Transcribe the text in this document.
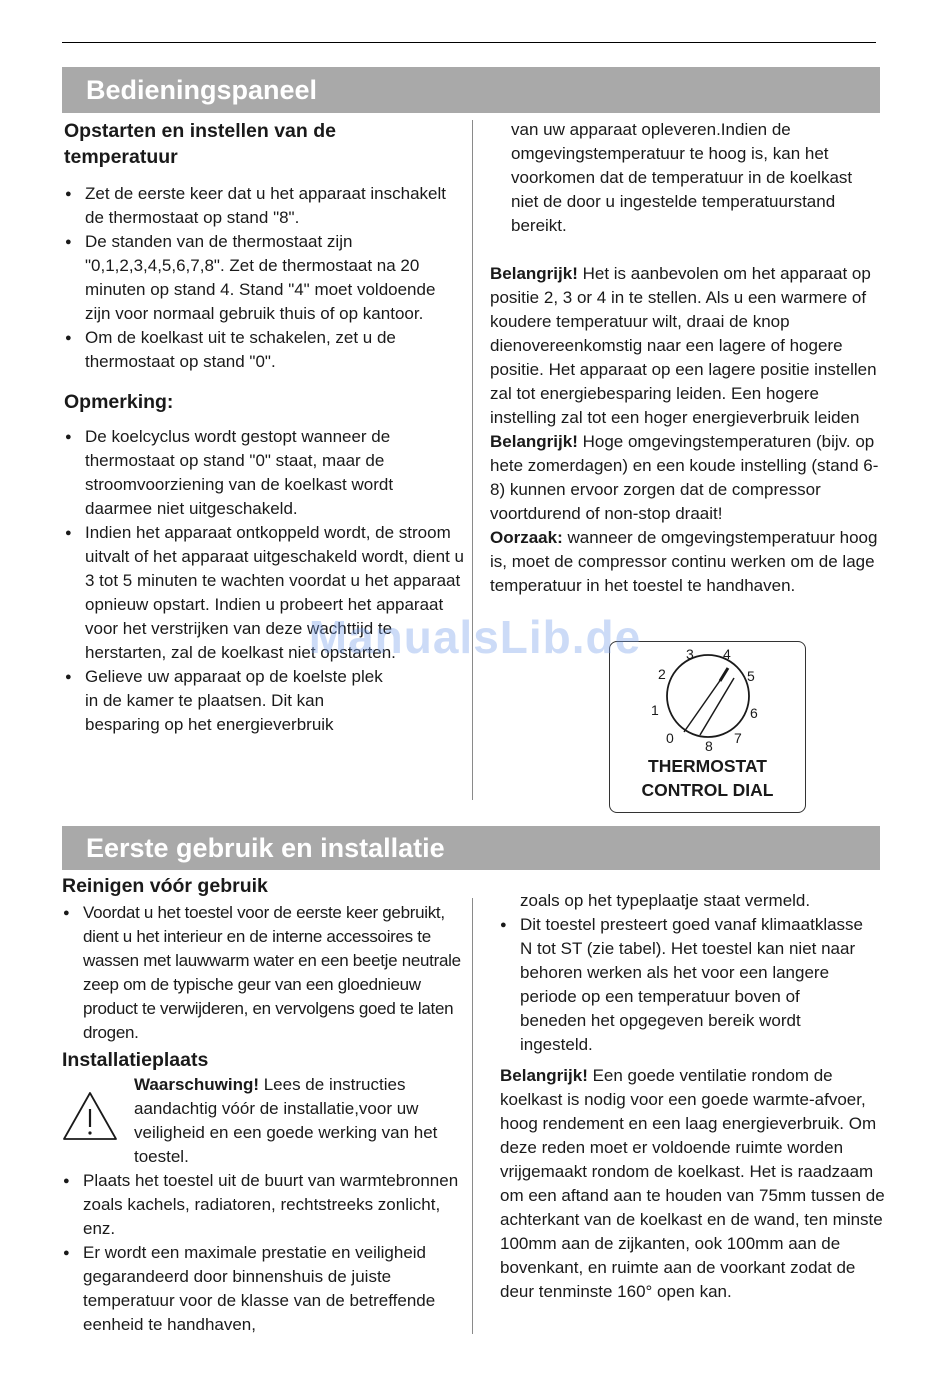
Bedieningspaneel
Opstarten en instellen van de temperatuur
● Zet de eerste keer dat u het apparaat inschakelt de thermostaat op stand "8".
● De standen van de thermostaat zijn "0,1,2,3,4,5,6,7,8". Zet de thermostaat na 20 minuten op stand 4. Stand "4" moet voldoende zijn voor normaal gebruik thuis of op kantoor.
● Om de koelkast uit te schakelen, zet u de thermostaat op stand "0".
Opmerking:
● De koelcyclus wordt gestopt wanneer de thermostaat op stand "0" staat, maar de stroomvoorziening van de koelkast wordt daarmee niet uitgeschakeld.
● Indien het apparaat ontkoppeld wordt, de stroom uitvalt of het apparaat uitgeschakeld wordt, dient u 3 tot 5 minuten te wachten voordat u het apparaat opnieuw opstart. Indien u probeert het apparaat voor het verstrijken van deze wachttijd te herstarten, zal de koelkast niet opstarten.
● Gelieve uw apparaat op de koelste plek in de kamer te plaatsen. Dit kan besparing op het energieverbruik
van uw apparaat opleveren.Indien de omgevingstemperatuur te hoog is, kan het voorkomen dat de temperatuur in de koelkast niet de door u ingestelde temperatuurstand bereikt.

Belangrijk! Het is aanbevolen om het apparaat op positie 2, 3 or 4 in te stellen. Als u een warmere of koudere temperatuur wilt, draai de knop dienovereenkomstig naar een lagere of hogere positie. Het apparaat op een lagere positie instellen zal tot energiebesparing leiden. Een hogere instelling zal tot een hoger energieverbruik leiden

Belangrijk! Hoge omgevingstemperaturen (bijv. op hete zomerdagen) en een koude instelling (stand 6-8) kunnen ervoor zorgen dat de compressor voortdurend of non-stop draait!

Oorzaak: wanneer de omgevingstemperatuur hoog is, moet de compressor continu werken om de lage temperatuur in het toestel te handhaven.

0
1
2
3 4
5
6
7
8
THERMOSTAT
CONTROL DIAL
ManualsLib.de
Eerste gebruik en installatie
Reinigen vóór gebruik
● Voordat u het toestel voor de eerste keer gebruikt, dient u het interieur en de interne accessoires te wassen met lauwwarm water en een beetje neutrale zeep om de typische geur van een gloednieuw product te verwijderen, en vervolgens goed te laten drogen.
Installatieplaats

Waarschuwing! Lees de instructies aandachtig vóór de installatie,voor uw veiligheid en een goede werking van het toestel.

● Plaats het toestel uit de buurt van warmtebronnen zoals kachels, radiatoren, rechtstreeks zonlicht, enz.
● Er wordt een maximale prestatie en veiligheid gegarandeerd door binnenshuis de juiste temperatuur voor de klasse van de betreffende eenheid te handhaven,
zoals op het typeplaatje staat vermeld.
● Dit toestel presteert goed vanaf klimaatklasse N tot ST (zie tabel). Het toestel kan niet naar behoren werken als het voor een langere periode op een temperatuur boven of beneden het opgegeven bereik wordt ingesteld.

Belangrijk! Een goede ventilatie rondom de koelkast is nodig voor een goede warmte-afvoer, hoog rendement en een laag energieverbruik. Om deze reden moet er voldoende ruimte worden vrijgemaakt rondom de koelkast. Het is raadzaam om een aftand aan te houden van 75mm tussen de achterkant van de koelkast en de wand, ten minste 100mm aan de zijkanten, ook 100mm aan de bovenkant, en ruimte aan de voorkant zodat de deur tenminste 160° open kan.
